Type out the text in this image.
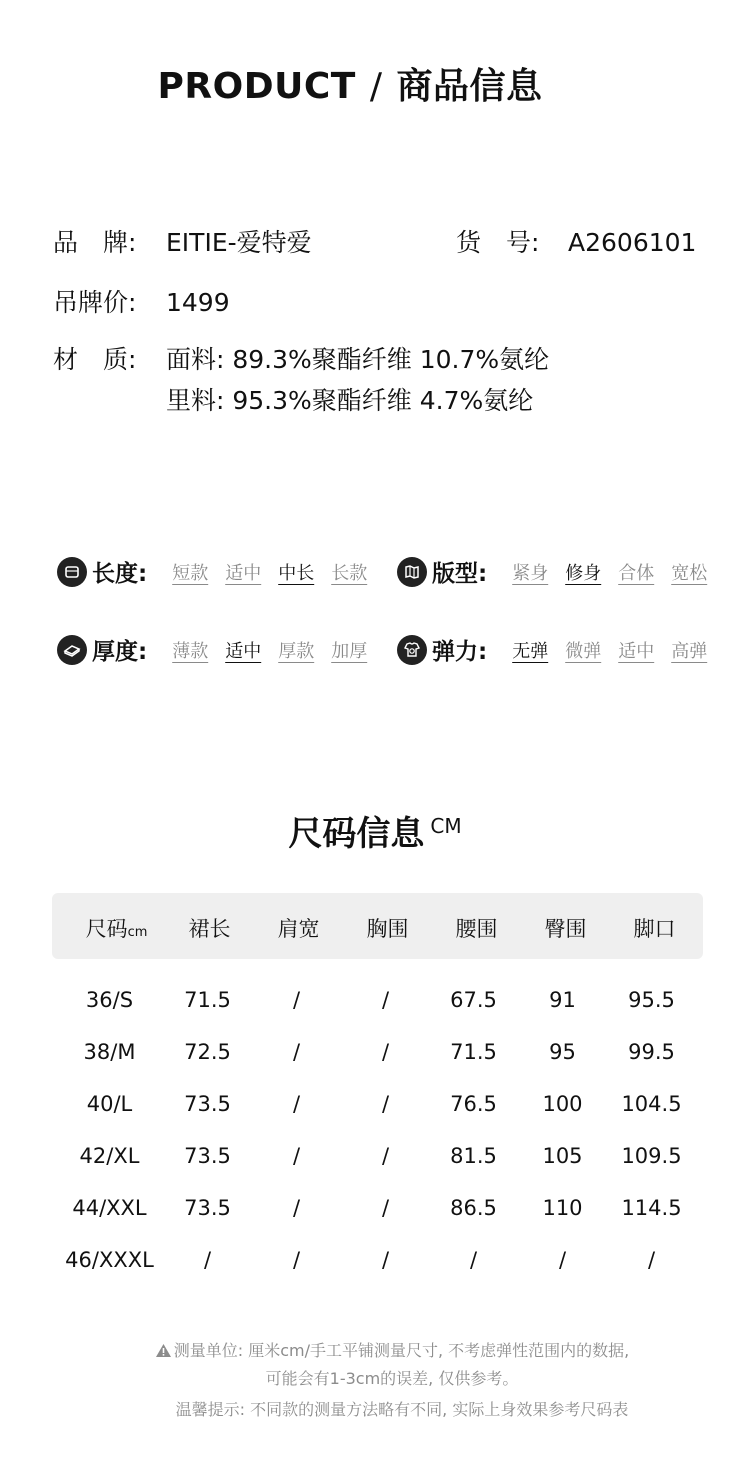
PRODUCT / 商品信息
品　牌: EITIE-爱特爱	货　号: A2606101
吊牌价: 1499
材　质: 面料: 89.3%聚酯纤维 10.7%氨纶
里料: 95.3%聚酯纤维 4.7%氨纶
长度: 短款 适中 中长 长款	版型: 紧身 修身 合体 宽松
厚度: 薄款 适中 厚款 加厚	弹力: 无弹 微弹 适中 高弹
尺码信息 $^{CM}$
尺码cm	裙长	肩宽	胸围	腰围	臀围	脚口
36/S	71.5	/	/	67.5	91	95.5
38/M	72.5	/	/	71.5	95	99.5
40/L	73.5	/	/	76.5	100	104.5
42/XL	73.5	/	/	81.5	105	109.5
44/XXL	73.5	/	/	86.5	110	114.5
46/XXXL	/	/	/	/	/	/
测量单位: 厘米cm/手工平铺测量尺寸, 不考虑弹性范围内的数据,
可能会有1-3cm的误差, 仅供参考。
温馨提示: 不同款的测量方法略有不同, 实际上身效果参考尺码表
